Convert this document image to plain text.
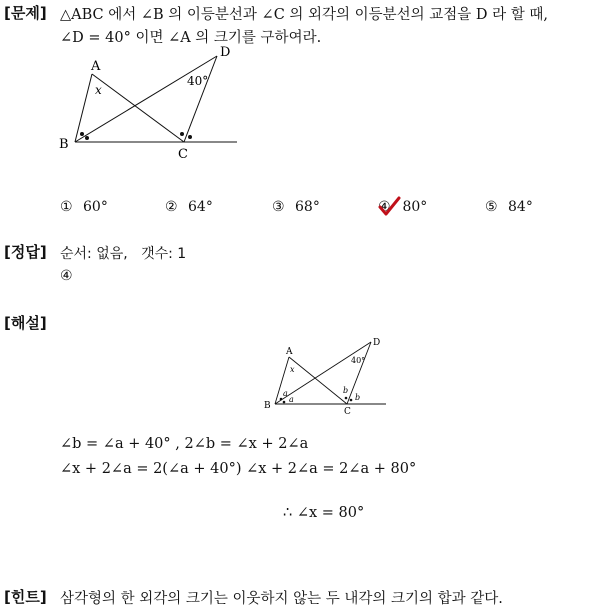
[문제] △ABC 에서 ∠B 의 이등분선과 ∠C 의 외각의 이등분선의 교점을 D 라 할 때,
∠D = 40° 이면 ∠A 의 크기를 구하여라.
A
B
C
D
x
40°
① 60°	② 64°	③ 68°	④ 80°	⑤ 84°
[정답] 순서: 없음,   갯수: 1
④
[해설]
A
B
C
D
x
40°
a
a
b
b
∠b = ∠a + 40° , 2∠b = ∠x + 2∠a
∠x + 2∠a = 2(∠a + 40°) ∠x + 2∠a = 2∠a + 80°
∴ ∠x = 80°
[힌트] 삼각형의 한 외각의 크기는 이웃하지 않는 두 내각의 크기의 합과 같다.
